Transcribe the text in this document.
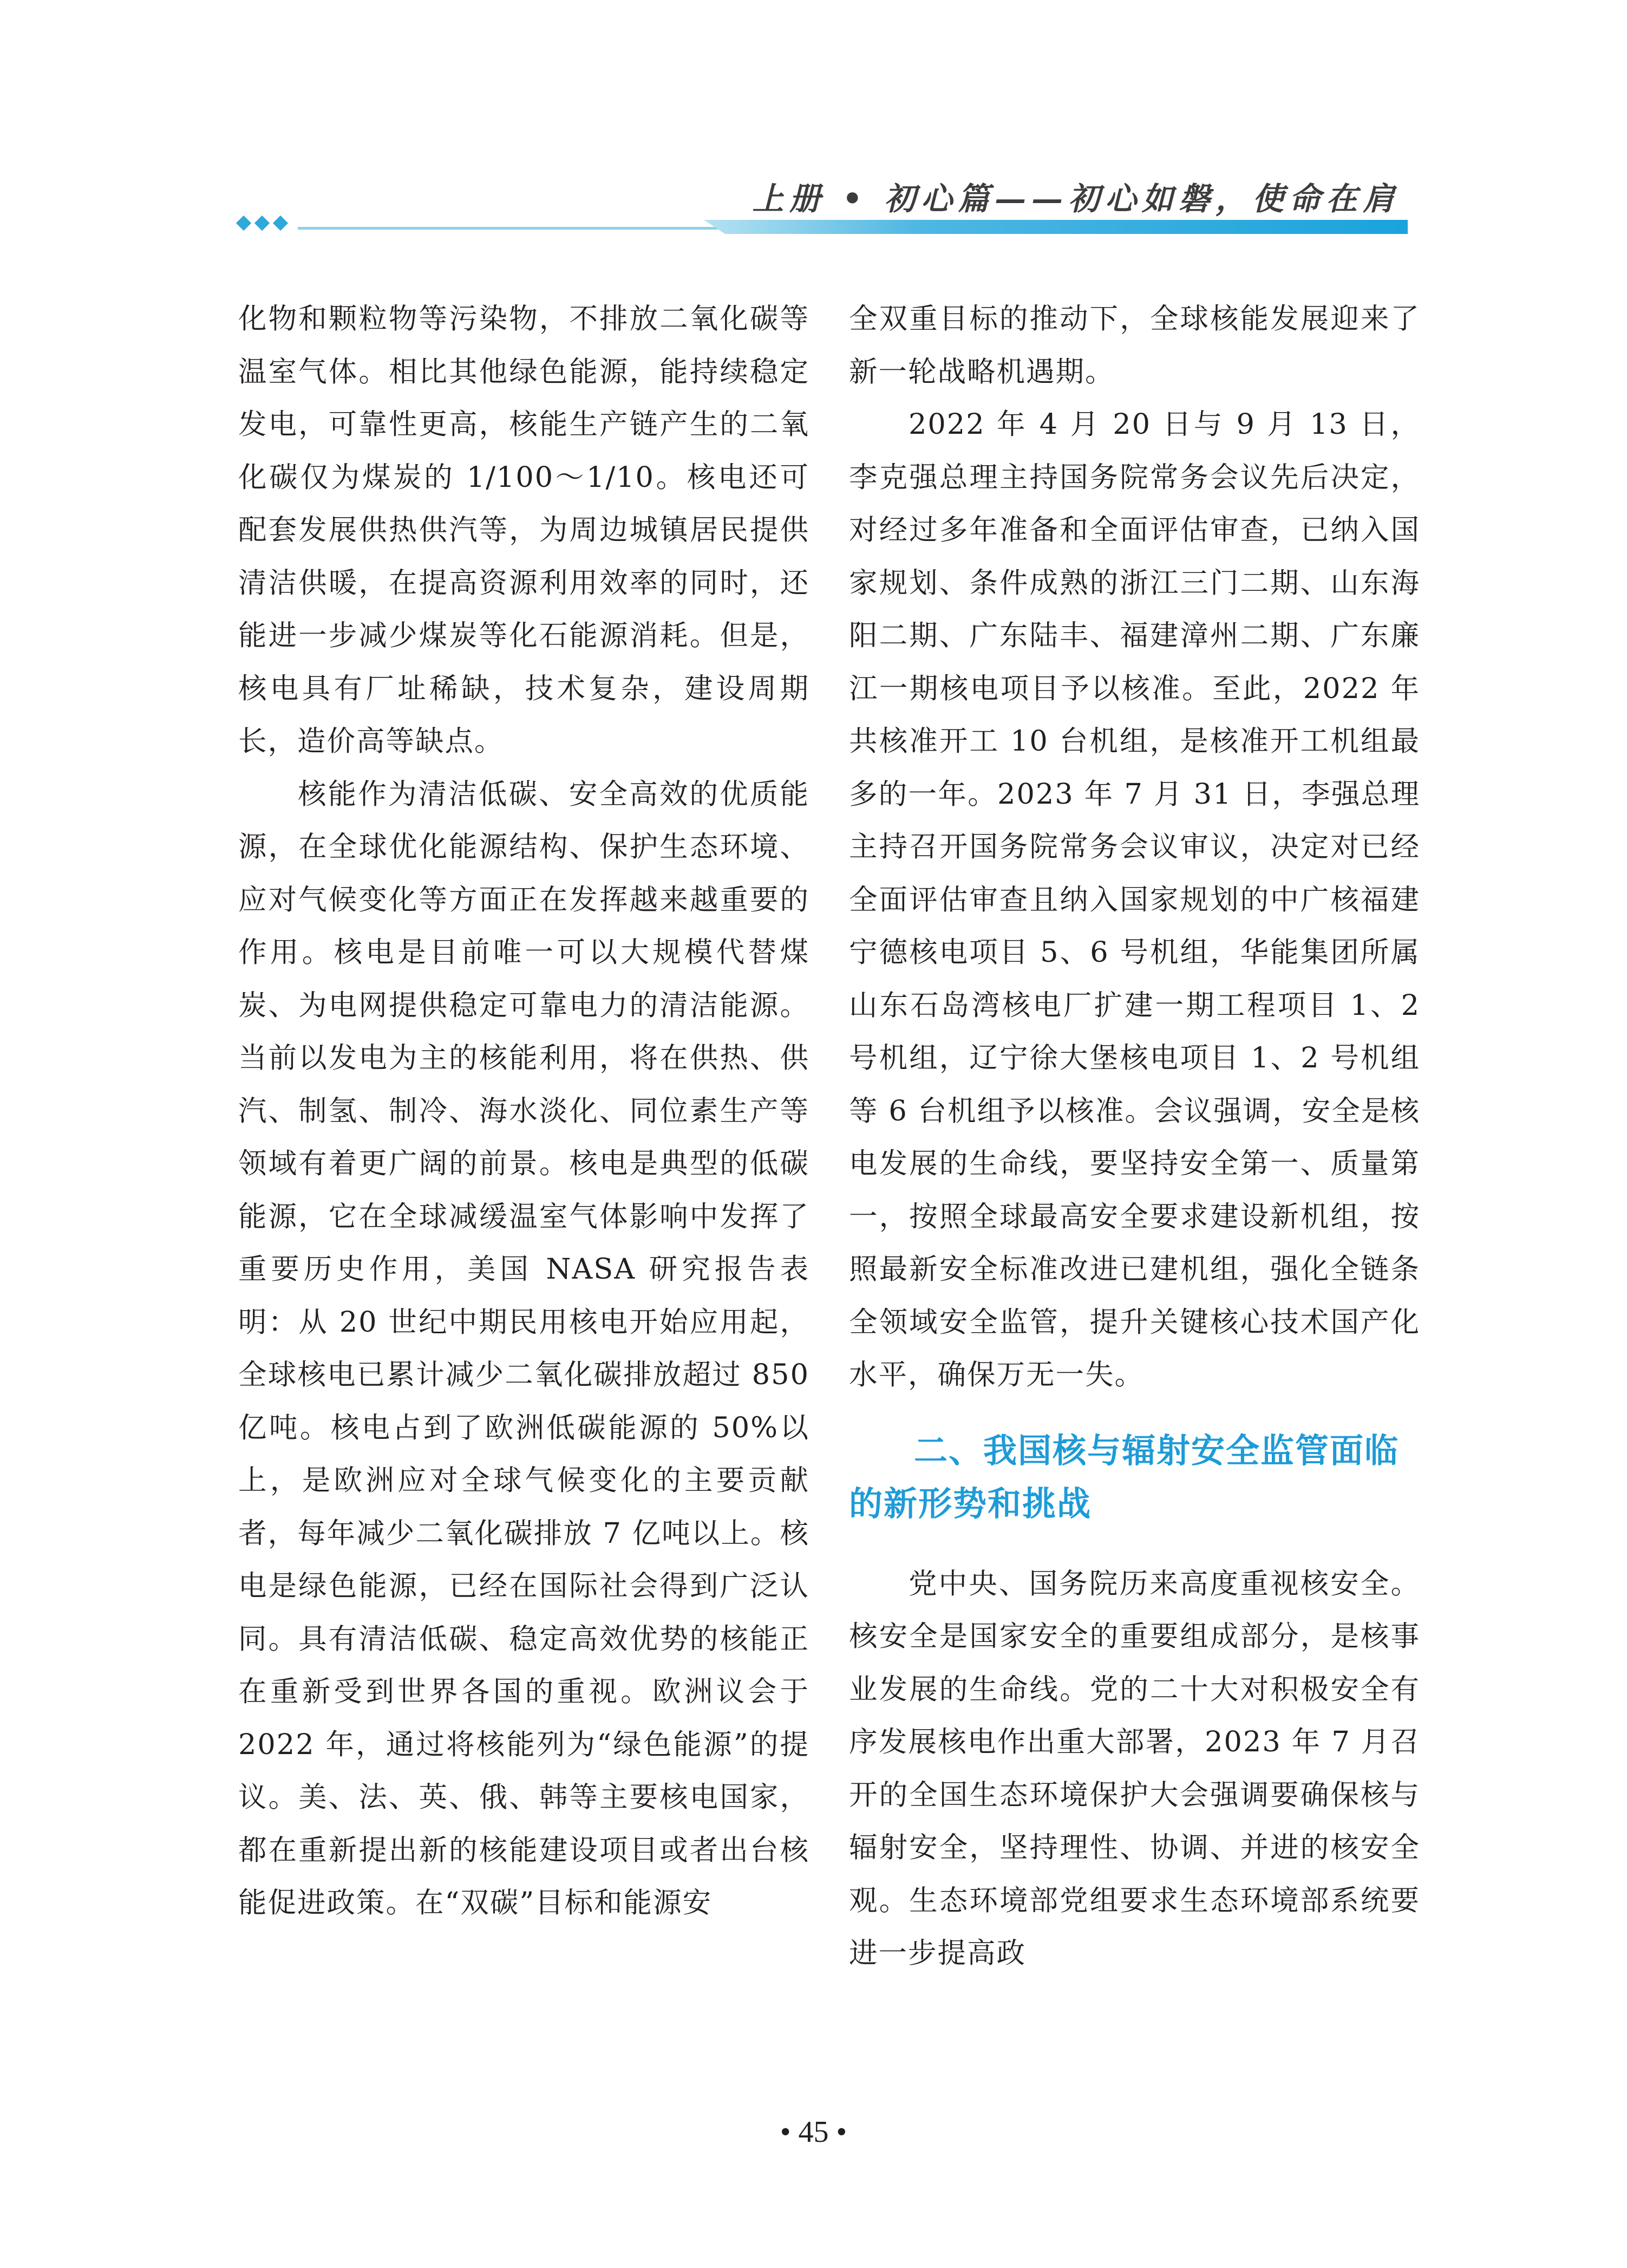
上册 • 初心篇——初心如磐，使命在肩

化物和颗粒物等污染物，不排放二氧化碳等温室气体。相比其他绿色能源，能持续稳定发电，可靠性更高，核能生产链产生的二氧化碳仅为煤炭的 1/100～1/10。核电还可配套发展供热供汽等，为周边城镇居民提供清洁供暖，在提高资源利用效率的同时，还能进一步减少煤炭等化石能源消耗。但是，核电具有厂址稀缺，技术复杂，建设周期长，造价高等缺点。

核能作为清洁低碳、安全高效的优质能源，在全球优化能源结构、保护生态环境、应对气候变化等方面正在发挥越来越重要的作用。核电是目前唯一可以大规模代替煤炭、为电网提供稳定可靠电力的清洁能源。当前以发电为主的核能利用，将在供热、供汽、制氢、制冷、海水淡化、同位素生产等领域有着更广阔的前景。核电是典型的低碳能源，它在全球减缓温室气体影响中发挥了重要历史作用，美国 NASA 研究报告表明：从 20 世纪中期民用核电开始应用起，全球核电已累计减少二氧化碳排放超过 850 亿吨。核电占到了欧洲低碳能源的 50%以上，是欧洲应对全球气候变化的主要贡献者，每年减少二氧化碳排放 7 亿吨以上。核电是绿色能源，已经在国际社会得到广泛认同。具有清洁低碳、稳定高效优势的核能正在重新受到世界各国的重视。欧洲议会于 2022 年，通过将核能列为“绿色能源”的提议。美、法、英、俄、韩等主要核电国家，都在重新提出新的核能建设项目或者出台核能促进政策。在“双碳”目标和能源安

全双重目标的推动下，全球核能发展迎来了新一轮战略机遇期。

2022 年 4 月 20 日与 9 月 13 日，李克强总理主持国务院常务会议先后决定，对经过多年准备和全面评估审查，已纳入国家规划、条件成熟的浙江三门二期、山东海阳二期、广东陆丰、福建漳州二期、广东廉江一期核电项目予以核准。至此，2022 年共核准开工 10 台机组，是核准开工机组最多的一年。2023 年 7 月 31 日，李强总理主持召开国务院常务会议审议，决定对已经全面评估审查且纳入国家规划的中广核福建宁德核电项目 5、6 号机组，华能集团所属山东石岛湾核电厂扩建一期工程项目 1、2 号机组，辽宁徐大堡核电项目 1、2 号机组等 6 台机组予以核准。会议强调，安全是核电发展的生命线，要坚持安全第一、质量第一，按照全球最高安全要求建设新机组，按照最新安全标准改进已建机组，强化全链条全领域安全监管，提升关键核心技术国产化水平，确保万无一失。

二、我国核与辐射安全监管面临的新形势和挑战

党中央、国务院历来高度重视核安全。核安全是国家安全的重要组成部分，是核事业发展的生命线。党的二十大对积极安全有序发展核电作出重大部署，2023 年 7 月召开的全国生态环境保护大会强调要确保核与辐射安全，坚持理性、协调、并进的核安全观。生态环境部党组要求生态环境部系统要进一步提高政

• 45 •
